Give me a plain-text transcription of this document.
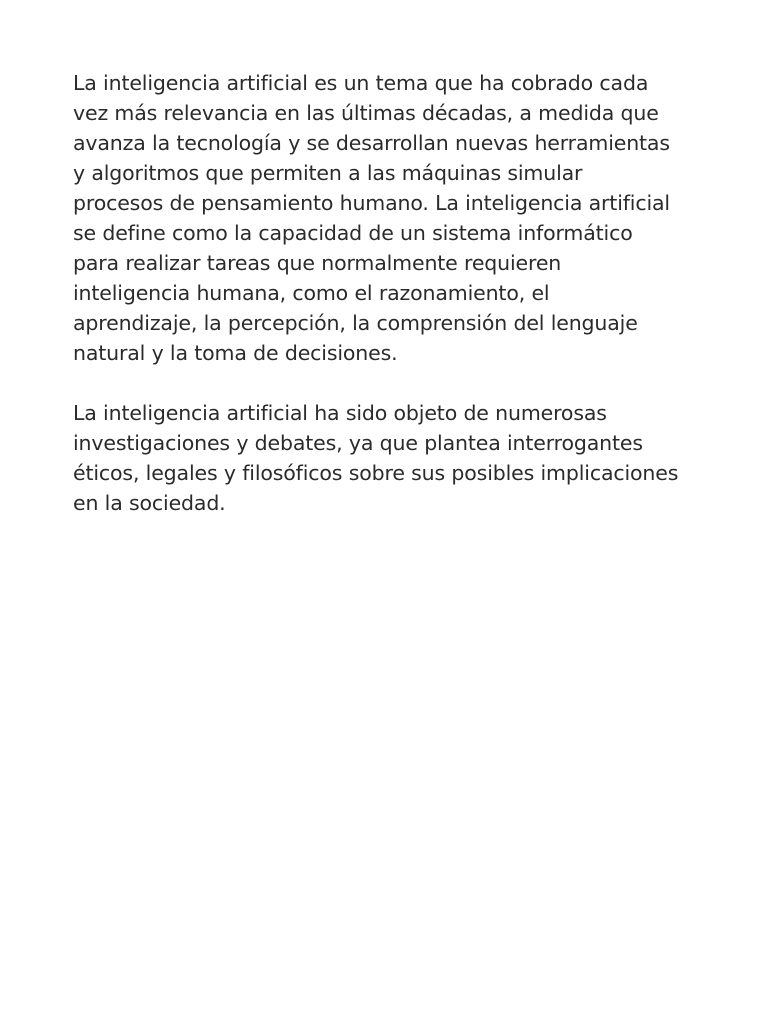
La inteligencia artificial es un tema que ha cobrado cada
vez más relevancia en las últimas décadas, a medida que
avanza la tecnología y se desarrollan nuevas herramientas
y algoritmos que permiten a las máquinas simular
procesos de pensamiento humano. La inteligencia artificial
se define como la capacidad de un sistema informático
para realizar tareas que normalmente requieren
inteligencia humana, como el razonamiento, el
aprendizaje, la percepción, la comprensión del lenguaje
natural y la toma de decisiones.

La inteligencia artificial ha sido objeto de numerosas
investigaciones y debates, ya que plantea interrogantes
éticos, legales y filosóficos sobre sus posibles implicaciones
en la sociedad.
